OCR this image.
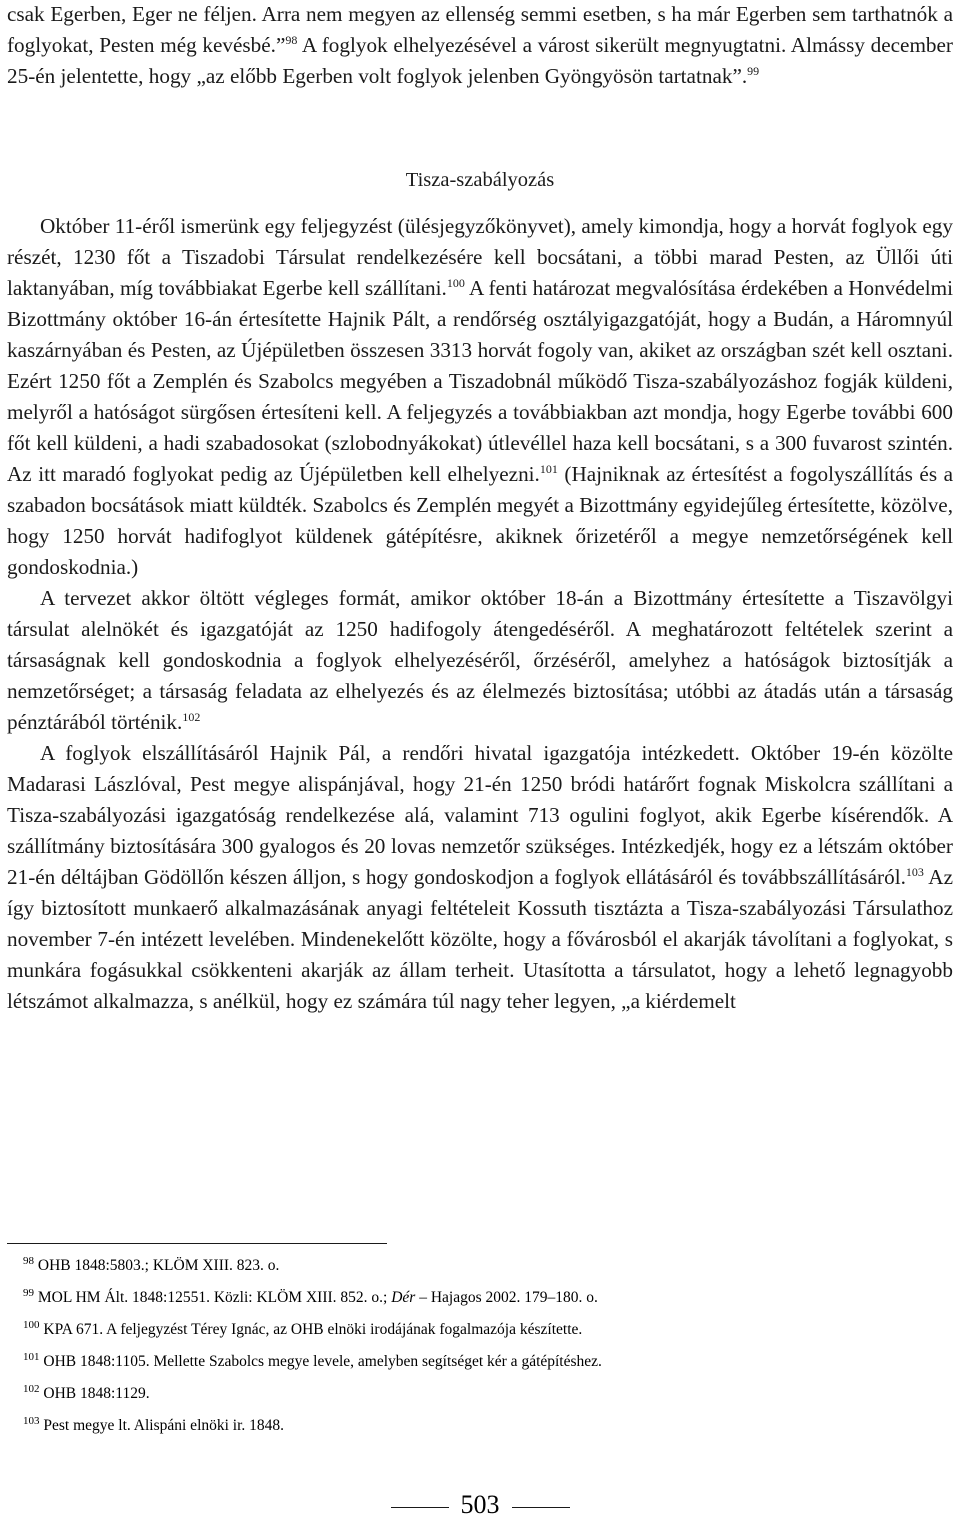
csak Egerben, Eger ne féljen. Arra nem megyen az ellenség semmi esetben, s ha már Egerben sem tarthatnók a foglyokat, Pesten még kevésbé.”$^{98}$ A foglyok elhelyezésével a várost sikerült megnyugtatni. Almássy december 25-én jelentette, hogy „az előbb Egerben volt foglyok jelenben Gyöngyösön tartatnak”.$^{99}$

Tisza-szabályozás

Október 11-éről ismerünk egy feljegyzést (ülésjegyzőkönyvet), amely kimondja, hogy a horvát foglyok egy részét, 1230 főt a Tiszadobi Társulat rendelkezésére kell bocsátani, a többi marad Pesten, az Üllői úti laktanyában, míg továbbiakat Egerbe kell szállítani.$^{100}$ A fenti határozat megvalósítása érdekében a Honvédelmi Bizottmány október 16-án értesítette Hajnik Pált, a rendőrség osztályigazgatóját, hogy a Budán, a Háromnyúl kaszárnyában és Pesten, az Újépületben összesen 3313 horvát fogoly van, akiket az országban szét kell osztani. Ezért 1250 főt a Zemplén és Szabolcs megyében a Tiszadobnál működő Tisza-szabályozáshoz fogják küldeni, melyről a hatóságot sürgősen értesíteni kell. A feljegyzés a továbbiakban azt mondja, hogy Egerbe további 600 főt kell küldeni, a hadi szabadosokat (szlobodnyákokat) útlevéllel haza kell bocsátani, s a 300 fuvarost szintén. Az itt maradó foglyokat pedig az Újépületben kell elhelyezni.$^{101}$ (Hajniknak az értesítést a fogolyszállítás és a szabadon bocsátások miatt küldték. Szabolcs és Zemplén megyét a Bizottmány egyidejűleg értesítette, közölve, hogy 1250 horvát hadifoglyot küldenek gátépítésre, akiknek őrizetéről a megye nemzetőrségének kell gondoskodnia.)

A tervezet akkor öltött végleges formát, amikor október 18-án a Bizottmány értesítette a Tiszavölgyi társulat alelnökét és igazgatóját az 1250 hadifogoly átengedéséről. A meghatározott feltételek szerint a társaságnak kell gondoskodnia a foglyok elhelyezéséről, őrzéséről, amelyhez a hatóságok biztosítják a nemzetőrséget; a társaság feladata az elhelyezés és az élelmezés biztosítása; utóbbi az átadás után a társaság pénztárából történik.$^{102}$

A foglyok elszállításáról Hajnik Pál, a rendőri hivatal igazgatója intézkedett. Október 19-én közölte Madarasi Lászlóval, Pest megye alispánjával, hogy 21-én 1250 bródi határőrt fognak Miskolcra szállítani a Tisza-szabályozási igazgatóság rendelkezése alá, valamint 713 ogulini foglyot, akik Egerbe kísérendők. A szállítmány biztosítására 300 gyalogos és 20 lovas nemzetőr szükséges. Intézkedjék, hogy ez a létszám október 21-én déltájban Gödöllőn készen álljon, s hogy gondoskodjon a foglyok ellátásáról és továbbszállításáról.$^{103}$ Az így biztosított munkaerő alkalmazásának anyagi feltételeit Kossuth tisztázta a Tisza-szabályozási Társulathoz november 7-én intézett levelében. Mindenekelőtt közölte, hogy a fővárosból el akarják távolítani a foglyokat, s munkára fogásukkal csökkenteni akarják az állam terheit. Utasította a társulatot, hogy a lehető legnagyobb létszámot alkalmazza, s anélkül, hogy ez számára túl nagy teher legyen, „a kiérdemelt

$^{98}$ OHB 1848:5803.; KLÖM XIII. 823. o.
$^{99}$ MOL HM Ált. 1848:12551. Közli: KLÖM XIII. 852. o.; Dér – Hajagos 2002. 179–180. o.
$^{100}$ KPA 671. A feljegyzést Térey Ignác, az OHB elnöki irodájának fogalmazója készítette.
$^{101}$ OHB 1848:1105. Mellette Szabolcs megye levele, amelyben segítséget kér a gátépítéshez.
$^{102}$ OHB 1848:1129.
$^{103}$ Pest megye lt. Alispáni elnöki ir. 1848.
503
